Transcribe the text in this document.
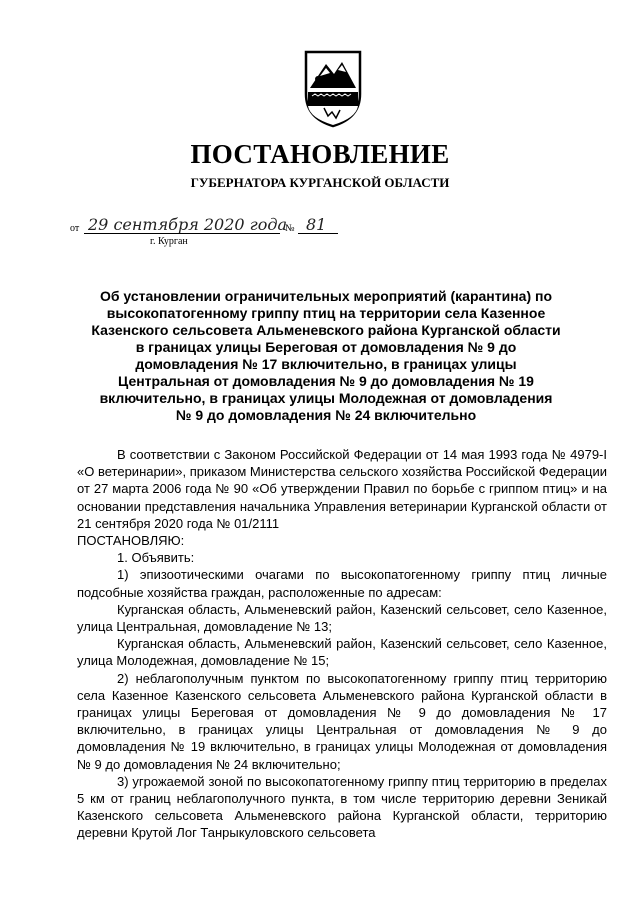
ПОСТАНОВЛЕНИЕ
ГУБЕРНАТОРА КУРГАНСКОЙ ОБЛАСТИ
от 29 сентября 2020 года
№ 81
г. Курган
Об установлении ограничительных мероприятий (карантина) по высокопатогенному гриппу птиц на территории села Казенное Казенского сельсовета Альменевского района Курганской области в границах улицы Береговая от домовладения № 9 до домовладения № 17 включительно, в границах улицы Центральная от домовладения № 9 до домовладения № 19 включительно, в границах улицы Молодежная от домовладения № 9 до домовладения № 24 включительно

В соответствии с Законом Российской Федерации от 14 мая 1993 года № 4979-I «О ветеринарии», приказом Министерства сельского хозяйства Российской Федерации от 27 марта 2006 года № 90 «Об утверждении Правил по борьбе с гриппом птиц» и на основании представления начальника Управления ветеринарии Курганской области от 21 сентября 2020 года № 01/2111

ПОСТАНОВЛЯЮ:

1. Объявить:

1) эпизоотическими очагами по высокопатогенному гриппу птиц личные подсобные хозяйства граждан, расположенные по адресам:

Курганская область, Альменевский район, Казенский сельсовет, село Казенное, улица Центральная, домовладение № 13;

Курганская область, Альменевский район, Казенский сельсовет, село Казенное, улица Молодежная, домовладение № 15;

2) неблагополучным пунктом по высокопатогенному гриппу птиц территорию села Казенное Казенского сельсовета Альменевского района Курганской области в границах улицы Береговая от домовладения № 9 до домовладения № 17 включительно, в границах улицы Центральная от домовладения № 9 до домовладения № 19 включительно, в границах улицы Молодежная от домовладения № 9 до домовладения № 24 включительно;

3) угрожаемой зоной по высокопатогенному гриппу птиц территорию в пределах 5 км от границ неблагополучного пункта, в том числе территорию деревни Зеникай Казенского сельсовета Альменевского района Курганской области, территорию деревни Крутой Лог Танрыкуловского сельсовета
